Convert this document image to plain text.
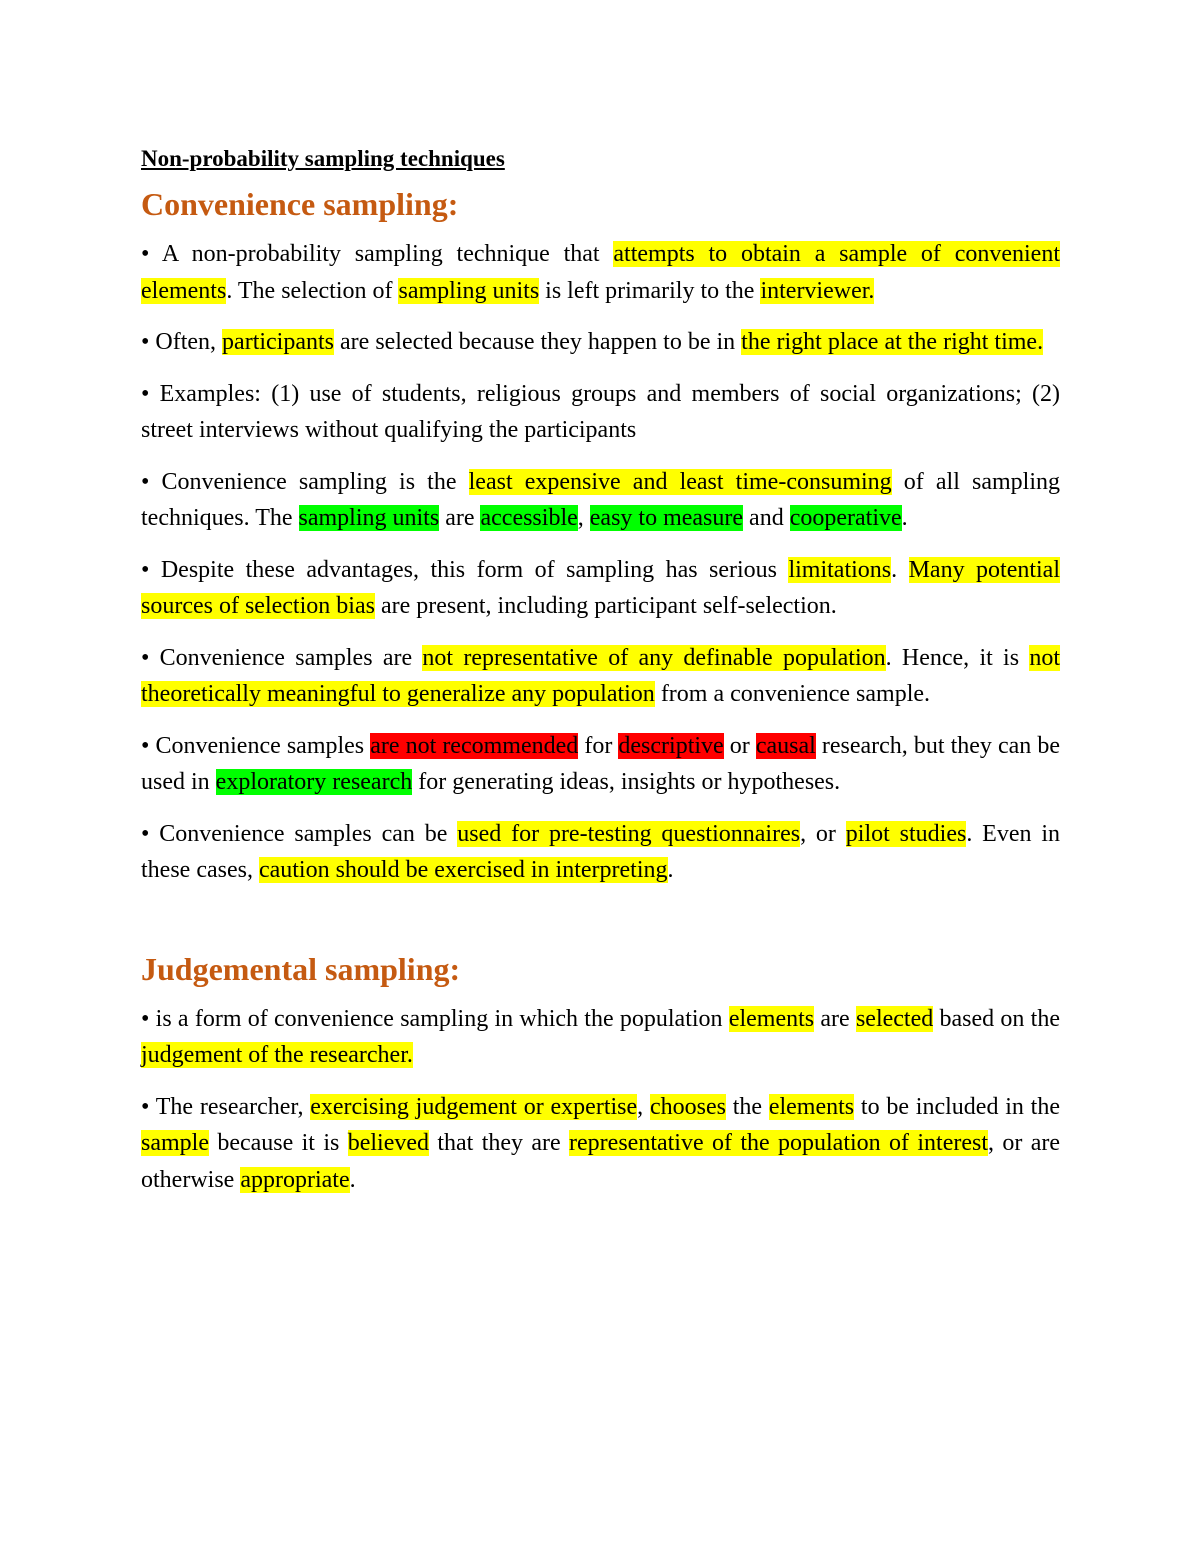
Non-probability sampling techniques
Convenience sampling:

• A non-probability sampling technique that attempts to obtain a sample of convenient elements. The selection of sampling units is left primarily to the interviewer.

• Often, participants are selected because they happen to be in the right place at the right time.

• Examples: (1) use of students, religious groups and members of social organizations; (2) street interviews without qualifying the participants

• Convenience sampling is the least expensive and least time-consuming of all sampling techniques. The sampling units are accessible, easy to measure and cooperative.

• Despite these advantages, this form of sampling has serious limitations. Many potential sources of selection bias are present, including participant self-selection.

• Convenience samples are not representative of any definable population. Hence, it is not theoretically meaningful to generalize any population from a convenience sample.

• Convenience samples are not recommended for descriptive or causal research, but they can be used in exploratory research for generating ideas, insights or hypotheses.

• Convenience samples can be used for pre-testing questionnaires, or pilot studies. Even in these cases, caution should be exercised in interpreting.

Judgemental sampling:

• is a form of convenience sampling in which the population elements are selected based on the judgement of the researcher.

• The researcher, exercising judgement or expertise, chooses the elements to be included in the sample because it is believed that they are representative of the population of interest, or are otherwise appropriate.
